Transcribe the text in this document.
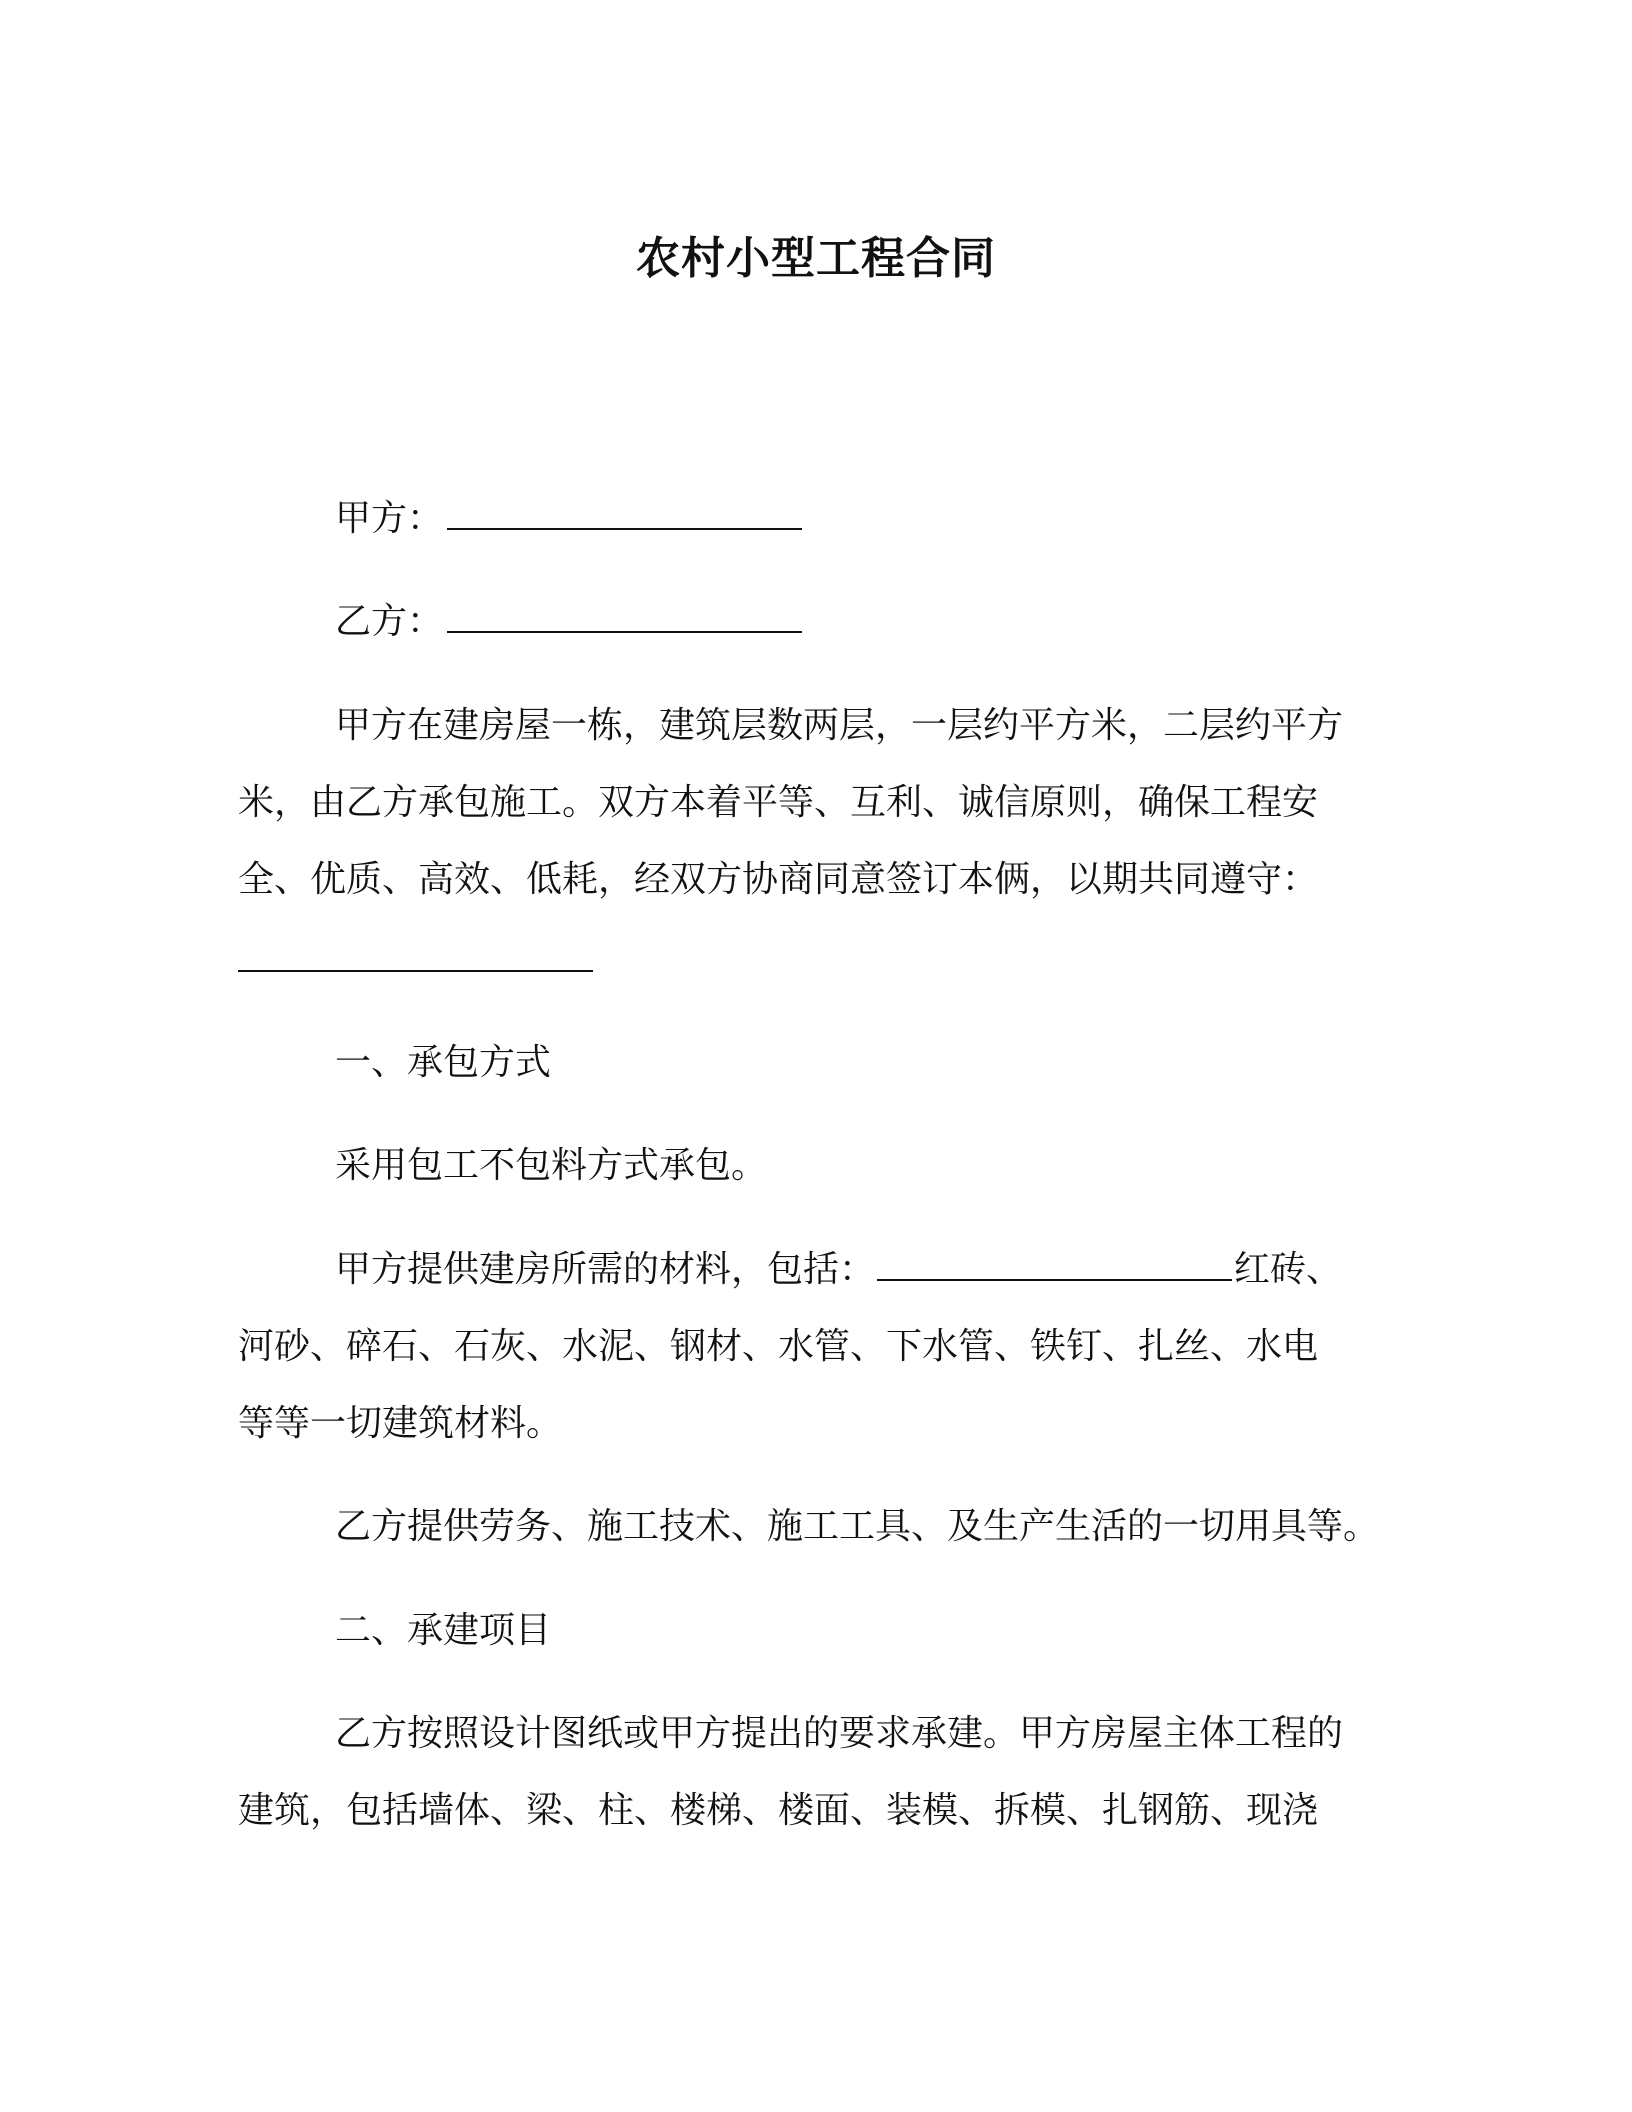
农村小型工程合同
甲方：
乙方：
甲方在建房屋一栋，建筑层数两层，一层约平方米，二层约平方
米，由乙方承包施工。双方本着平等、互利、诚信原则，确保工程安
全、优质、高效、低耗，经双方协商同意签订本俩，以期共同遵守：
一、承包方式
采用包工不包料方式承包。
甲方提供建房所需的材料，包括：	红砖、
河砂、碎石、石灰、水泥、钢材、水管、下水管、铁钉、扎丝、水电
等等一切建筑材料。
乙方提供劳务、施工技术、施工工具、及生产生活的一切用具等。
二、承建项目
乙方按照设计图纸或甲方提出的要求承建。甲方房屋主体工程的
建筑，包括墙体、梁、柱、楼梯、楼面、装模、拆模、扎钢筋、现浇
